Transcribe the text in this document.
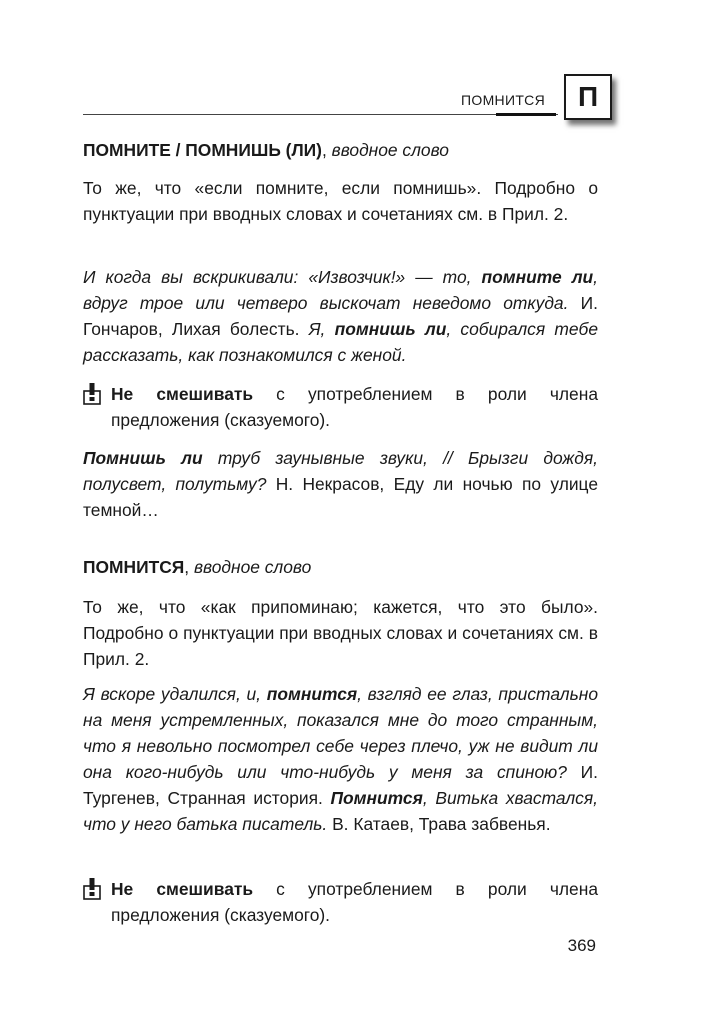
ПОМНИТСЯ П

ПОМНИТЕ / ПОМНИШЬ (ЛИ), вводное слово

То же, что «если помните, если помнишь». Подробно о пунктуации при вводных словах и сочетаниях см. в Прил. 2.

И когда вы вскрикивали: «Извозчик!» — то, помните ли, вдруг трое или четверо выскочат неведомо откуда. И. Гончаров, Лихая болесть. Я, помнишь ли, собирался тебе рассказать, как познакомился с женой.

Не смешивать с употреблением в роли члена предложения (сказуемого).

Помнишь ли труб заунывные звуки, // Брызги дождя, полусвет, полутьму? Н. Некрасов, Еду ли ночью по улице темной…

ПОМНИТСЯ, вводное слово

То же, что «как припоминаю; кажется, что это было». Подробно о пунктуации при вводных словах и сочетаниях см. в Прил. 2.

Я вскоре удалился, и, помнится, взгляд ее глаз, пристально на меня устремленных, показался мне до того странным, что я невольно посмотрел себе через плечо, уж не видит ли она кого-нибудь или что-нибудь у меня за спиною? И. Тургенев, Странная история. Помнится, Витька хвастался, что у него батька писатель. В. Катаев, Трава забвенья.

Не смешивать с употреблением в роли члена предложения (сказуемого).

369
